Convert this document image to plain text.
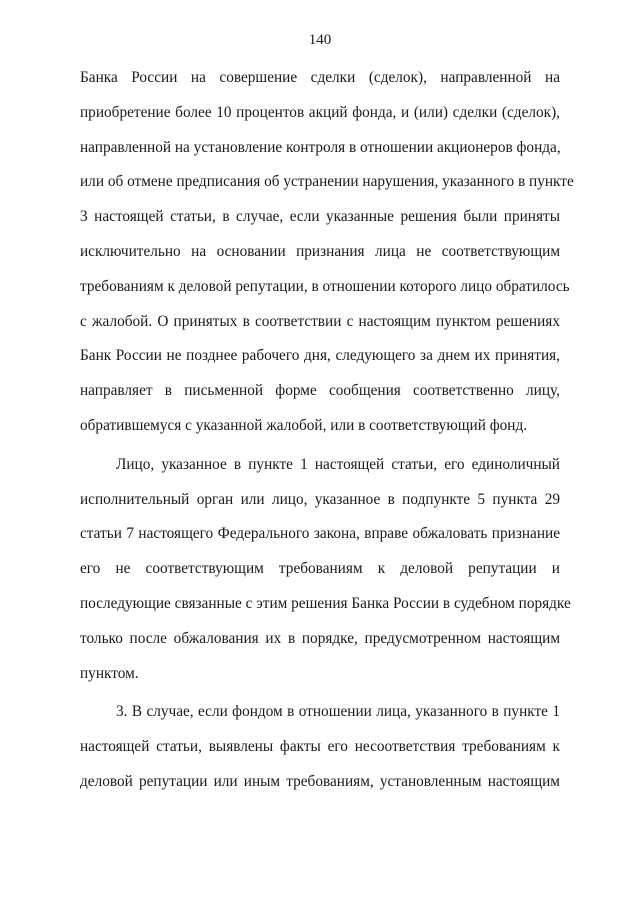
140
Банка России на совершение сделки (сделок), направленной на
приобретение более 10 процентов акций фонда, и (или) сделки (сделок),
направленной на установление контроля в отношении акционеров фонда,
или об отмене предписания об устранении нарушения, указанного в пункте
3 настоящей статьи, в случае, если указанные решения были приняты
исключительно на основании признания лица не соответствующим
требованиям к деловой репутации, в отношении которого лицо обратилось
с жалобой. О принятых в соответствии с настоящим пунктом решениях
Банк России не позднее рабочего дня, следующего за днем их принятия,
направляет в письменной форме сообщения соответственно лицу,
обратившемуся с указанной жалобой, или в соответствующий фонд.
Лицо, указанное в пункте 1 настоящей статьи, его единоличный
исполнительный орган или лицо, указанное в подпункте 5 пункта 29
статьи 7 настоящего Федерального закона, вправе обжаловать признание
его не соответствующим требованиям к деловой репутации и
последующие связанные с этим решения Банка России в судебном порядке
только после обжалования их в порядке, предусмотренном настоящим
пунктом.
3. В случае, если фондом в отношении лица, указанного в пункте 1
настоящей статьи, выявлены факты его несоответствия требованиям к
деловой репутации или иным требованиям, установленным настоящим
